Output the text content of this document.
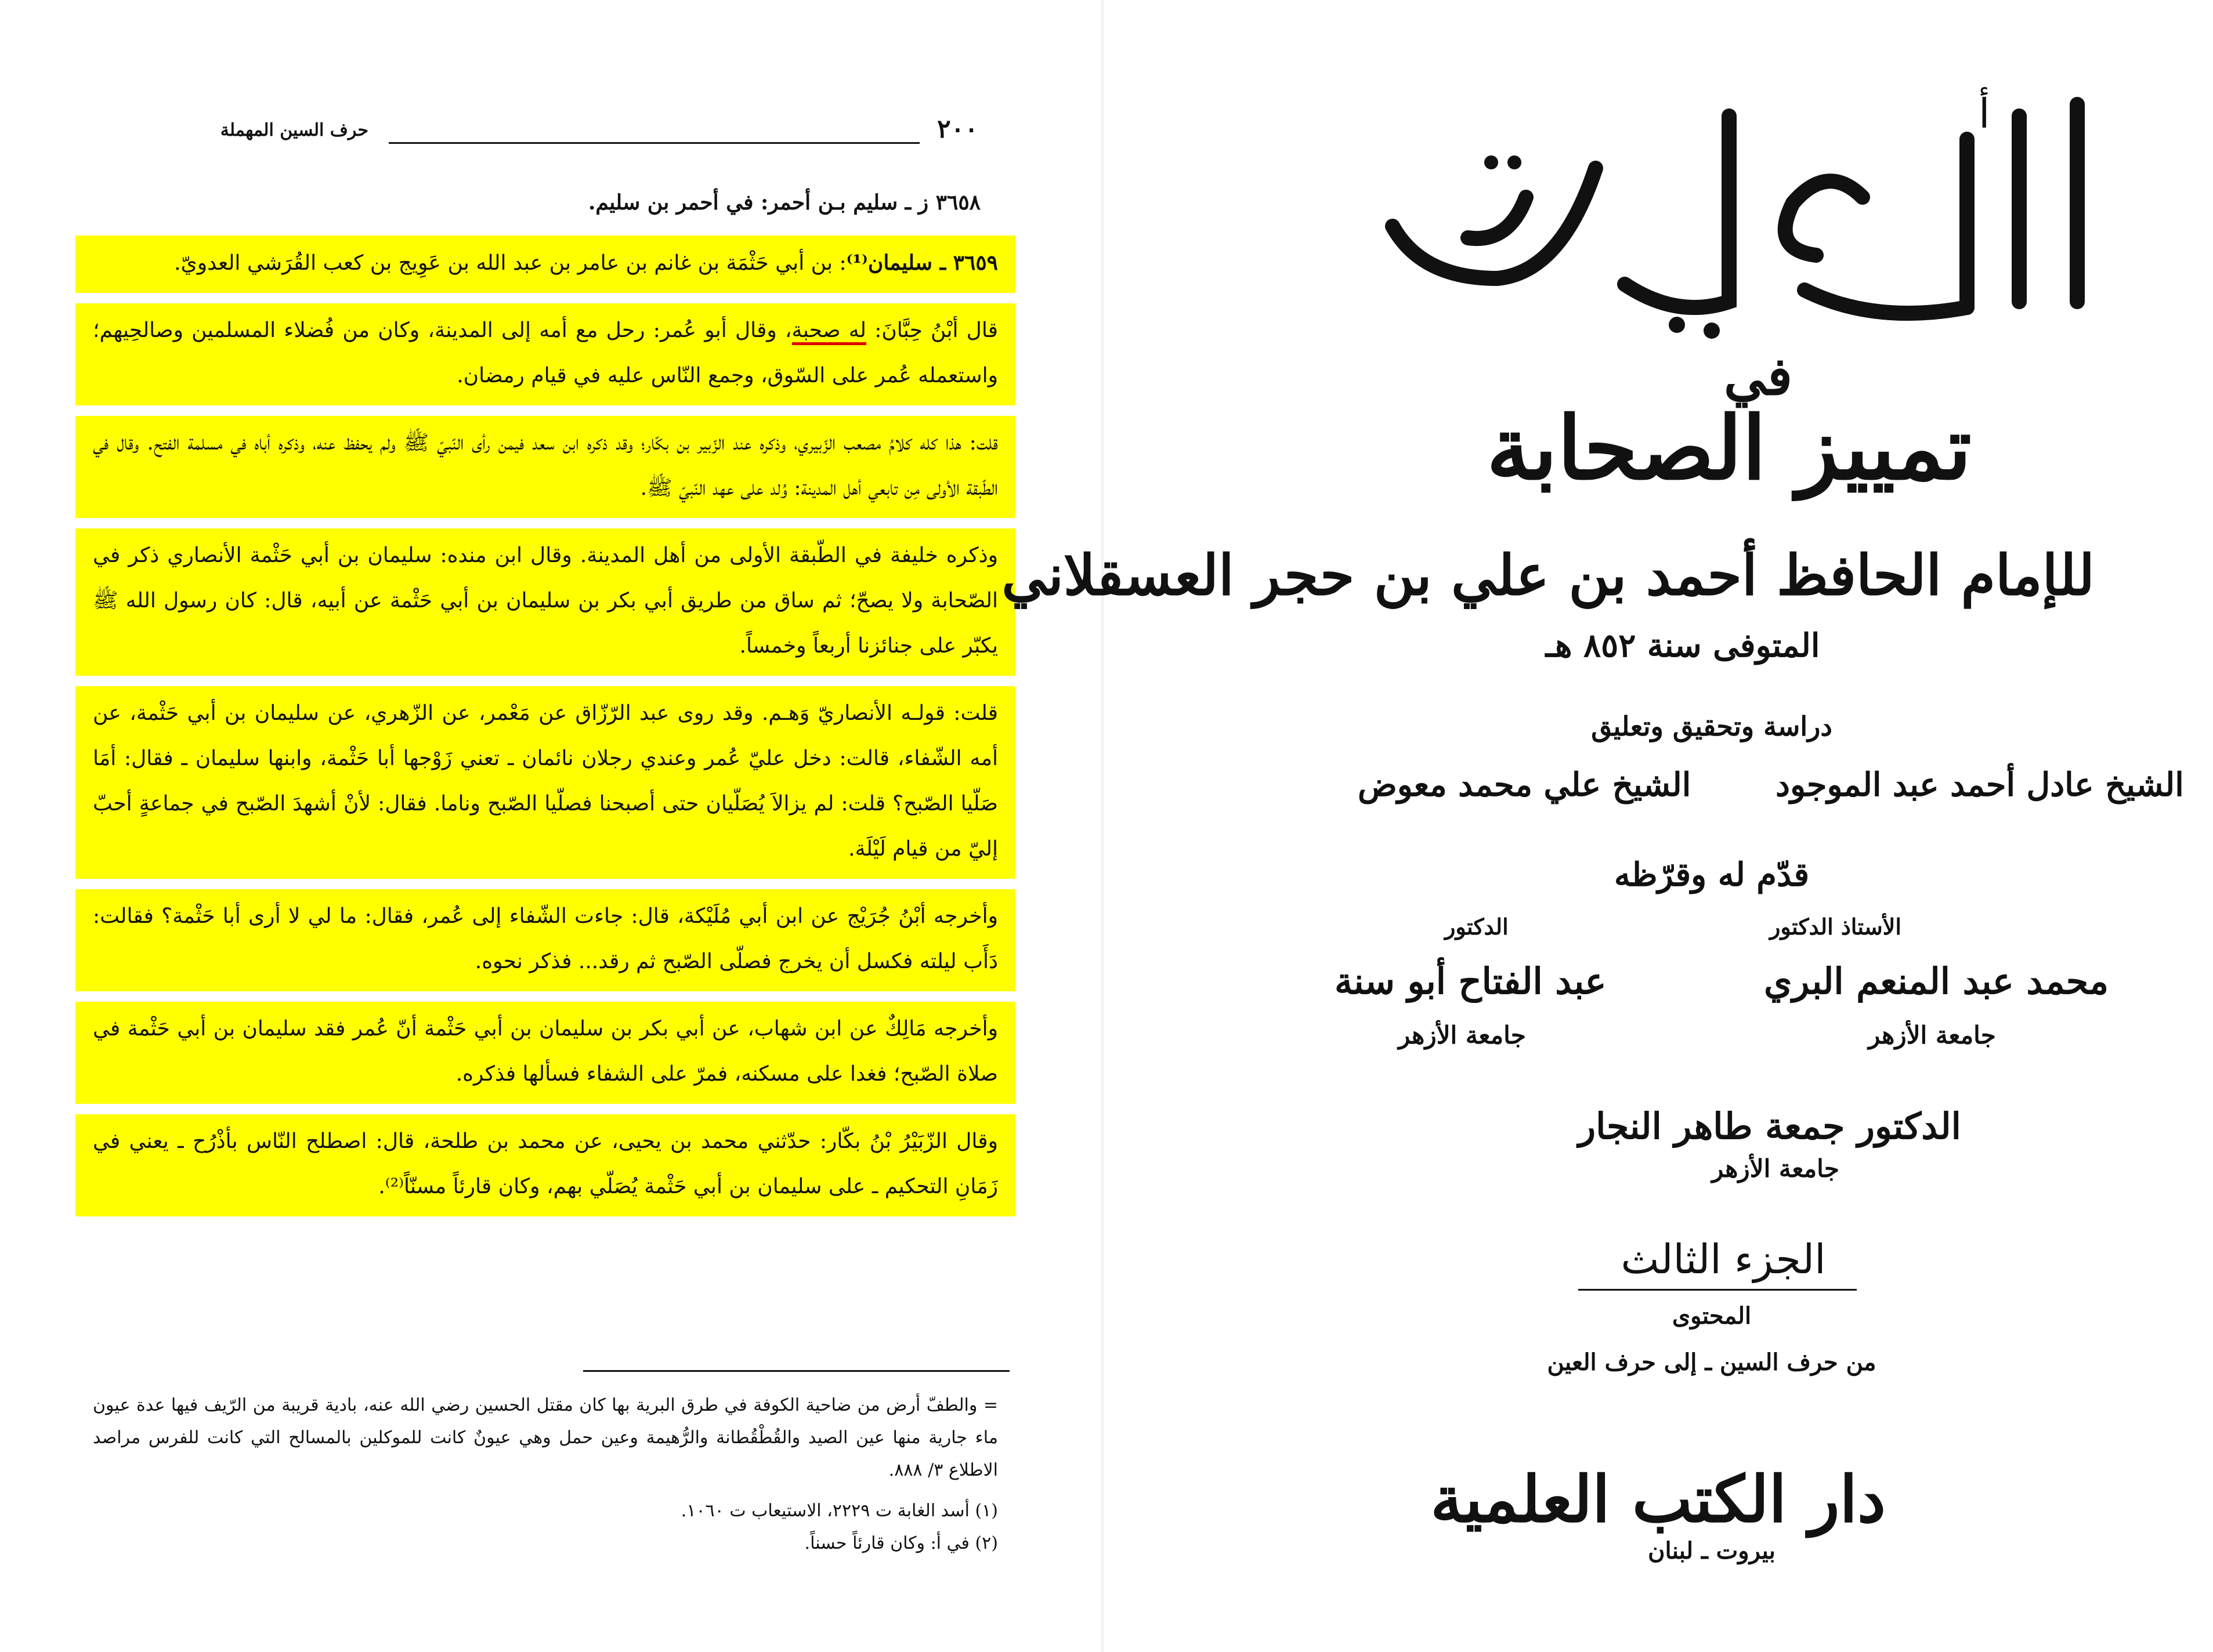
٢٠٠
حرف السين المهملة
٣٦٥٨ ز ـ سليم بـن أحمر: في أحمر بن سليم.

٣٦٥٩ ـ سليمان⁽¹⁾: بن أبي حَثْمَة بن غانم بن عامر بن عبد الله بن عَوِيج بن كعب القُرَشي العدويّ.

قال أبْنُ حِبَّانَ: له صحبة، وقال أبو عُمر: رحل مع أمه إلى المدينة، وكان من فُضلاء المسلمين وصالحِيهم؛ واستعمله عُمر على السّوق، وجمع النّاس عليه في قيام رمضان.

قلت: هذا كله كلامُ مصعب الزّبيري، وذكره عند الزّبير بن بكّار؛ وقد ذكره ابن سعد فيمن رأى النّبيّ ﷺ ولم يحفظ عنه، وذكره أباه في مسلمة الفتح. وقال في الطّبقة الأولى مِن تابعي أهل المدينة: وُلد على عهد النّبيّ ﷺ.

وذكره خليفة في الطّبقة الأولى من أهل المدينة. وقال ابن منده: سليمان بن أبي حَثْمة الأنصاري ذكر في الصّحابة ولا يصحّ؛ ثم ساق من طريق أبي بكر بن سليمان بن أبي حَثْمة عن أبيه، قال: كان رسول الله ﷺ يكبّر على جنائزنا أربعاً وخمساً.

قلت: قولـه الأنصاريّ وَهـم. وقد روى عبد الرّزّاق عن مَعْمر، عن الزّهري، عن سليمان بن أبي حَثْمة، عن أمه الشّفاء، قالت: دخل عليّ عُمر وعندي رجلان نائمان ـ تعني زَوْجها أبا حَثْمة، وابنها سليمان ـ فقال: أمَا صَلّيا الصّبح؟ قلت: لم يزالاَ يُصَلّيان حتى أصبحنا فصلّيا الصّبح وناما. فقال: لأنْ أشهدَ الصّبح في جماعةٍ أحبّ إليّ من قيام لَيْلَة.

وأخرجه أبْنُ جُرَيْج عن ابن أبي مُلَيْكة، قال: جاءت الشّفاء إلى عُمر، فقال: ما لي لا أرى أبا حَثْمة؟ فقالت: دَأَب ليلته فكسل أن يخرج فصلّى الصّبح ثم رقد... فذكر نحوه.

وأخرجه مَالِكٌ عن ابن شهاب، عن أبي بكر بن سليمان بن أبي حَثْمة أنّ عُمر فقد سليمان بن أبي حَثْمة في صلاة الصّبح؛ فغدا على مسكنه، فمرّ على الشفاء فسألها فذكره.

وقال الزّبَيْرُ بْنُ بكّار: حدّثني محمد بن يحيى، عن محمد بن طلحة، قال: اصطلح النّاس بأذْرُح ـ يعني في زَمَانِ التحكيم ـ على سليمان بن أبي حَثْمة يُصَلّي بهم، وكان قارئاً مسنّاً⁽²⁾.

= والطفّ أرض من ضاحية الكوفة في طرق البرية بها كان مقتل الحسين رضي الله عنه، بادية قريبة من الرّيف فيها عدة عيون ماء جارية منها عين الصيد والقُطْقُطانة والرُّهيمة وعين حمل وهي عيونٌ كانت للموكلين بالمسالح التي كانت للفرس مراصد الاطلاع ٣/ ٨٨٨.

(١) أسد الغابة ت ٢٢٢٩، الاستيعاب ت ١٠٦٠.

(٢) في أ: وكان قارئاً حسناً.

أ
في
تمييز الصحابة
للإمام الحافظ أحمد بن علي بن حجر العسقلاني
المتوفى سنة ٨٥٢ هـ
دراسة وتحقيق وتعليق
الشيخ عادل أحمد عبد الموجود
الشيخ علي محمد معوض
قدّم له وقرّظه
الأستاذ الدكتور
الدكتور
محمد عبد المنعم البري
عبد الفتاح أبو سنة
جامعة الأزهر
جامعة الأزهر
الدكتور جمعة طاهر النجار
جامعة الأزهر
الجزء الثالث
المحتوى
من حرف السين ـ إلى حرف العين
دار الكتب العلمية
بيروت ـ لبنان
